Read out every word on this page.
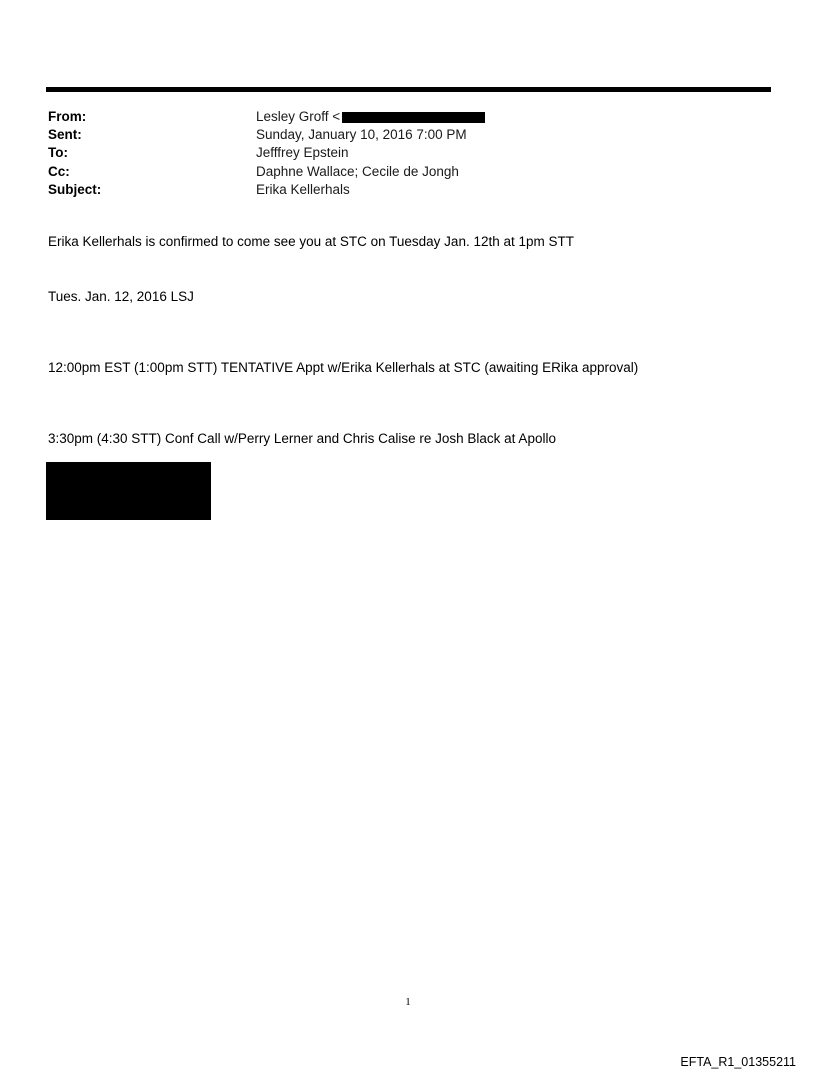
From:	Lesley Groff <
Sent:	Sunday, January 10, 2016 7:00 PM
To:	Jefffrey Epstein
Cc:	Daphne Wallace; Cecile de Jongh
Subject:	Erika Kellerhals
Erika Kellerhals is confirmed to come see you at STC on Tuesday Jan. 12th at 1pm STT
Tues. Jan. 12, 2016 LSJ
12:00pm EST (1:00pm STT) TENTATIVE Appt w/Erika Kellerhals at STC (awaiting ERika approval)
3:30pm (4:30 STT) Conf Call w/Perry Lerner and Chris Calise re Josh Black at Apollo
1
EFTA_R1_01355211
